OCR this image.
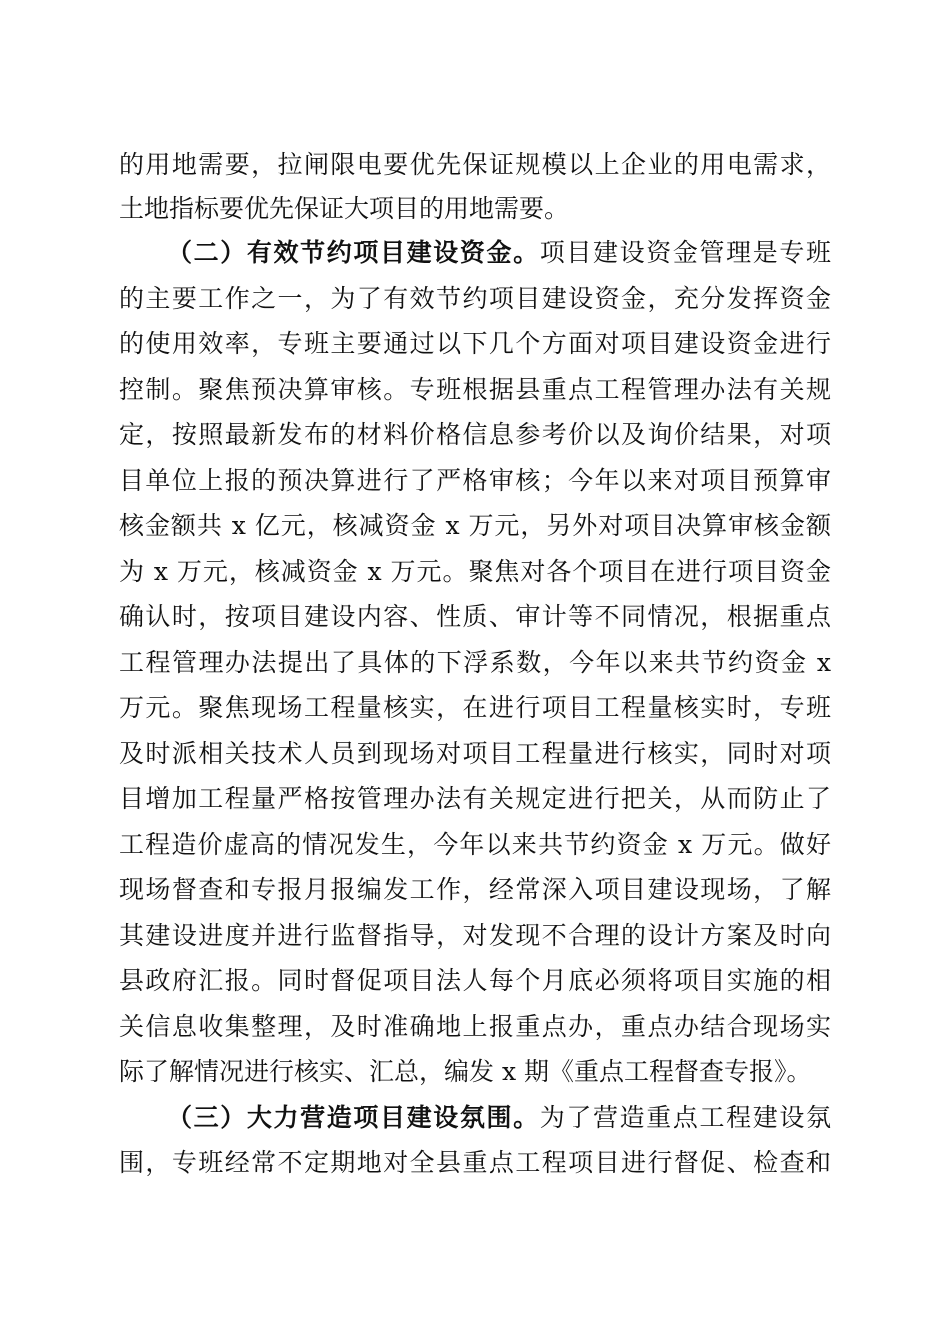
的用地需要，拉闸限电要优先保证规模以上企业的用电需求，
土地指标要优先保证大项目的用地需要。
（二）有效节约项目建设资金。项目建设资金管理是专班
的主要工作之一，为了有效节约项目建设资金，充分发挥资金
的使用效率，专班主要通过以下几个方面对项目建设资金进行
控制。聚焦预决算审核。专班根据县重点工程管理办法有关规
定，按照最新发布的材料价格信息参考价以及询价结果，对项
目单位上报的预决算进行了严格审核；今年以来对项目预算审
核金额共 x 亿元，核减资金 x 万元，另外对项目决算审核金额
为 x 万元，核减资金 x 万元。聚焦对各个项目在进行项目资金
确认时，按项目建设内容、性质、审计等不同情况，根据重点
工程管理办法提出了具体的下浮系数，今年以来共节约资金 x
万元。聚焦现场工程量核实，在进行项目工程量核实时，专班
及时派相关技术人员到现场对项目工程量进行核实，同时对项
目增加工程量严格按管理办法有关规定进行把关，从而防止了
工程造价虚高的情况发生，今年以来共节约资金 x 万元。做好
现场督查和专报月报编发工作，经常深入项目建设现场，了解
其建设进度并进行监督指导，对发现不合理的设计方案及时向
县政府汇报。同时督促项目法人每个月底必须将项目实施的相
关信息收集整理，及时准确地上报重点办，重点办结合现场实
际了解情况进行核实、汇总，编发 x 期《重点工程督查专报》。
（三）大力营造项目建设氛围。为了营造重点工程建设氛
围，专班经常不定期地对全县重点工程项目进行督促、检查和
